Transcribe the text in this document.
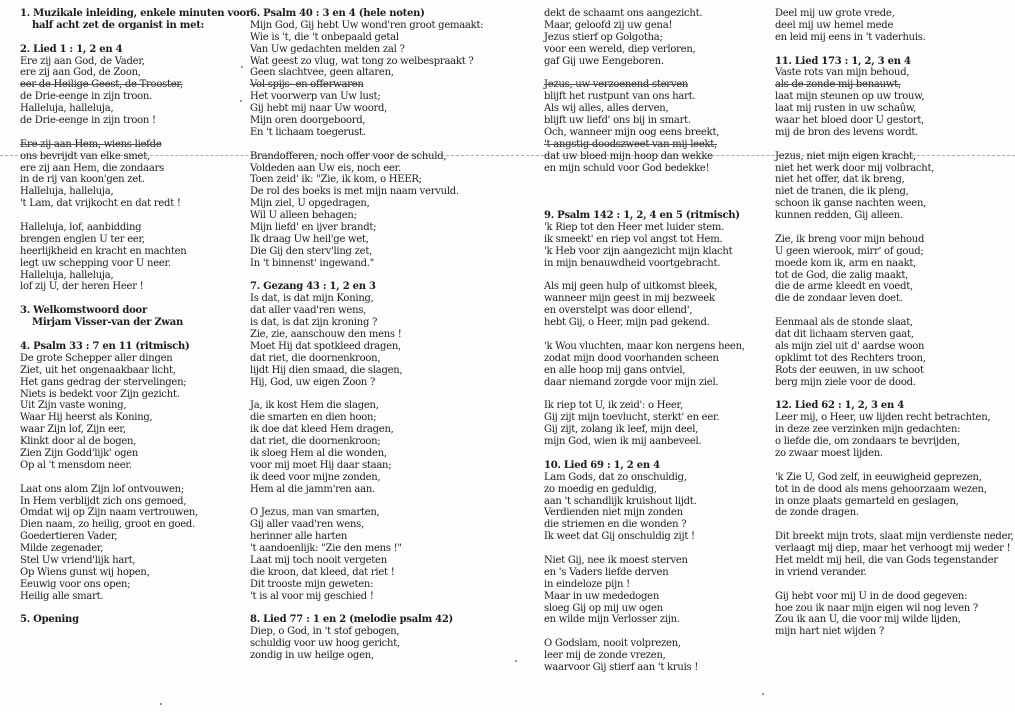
1. Muzikale inleiding, enkele minuten voor
half acht zet de organist in met:
2. Lied 1 : 1, 2 en 4
Ere zij aan God, de Vader,
ere zij aan God, de Zoon,
eer de Heilige Geest, de Trooster,
de Drie-eenge in zijn troon.
Halleluja, halleluja,
de Drie-eenge in zijn troon !
Ere zij aan Hem, wiens liefde
ons bevrijdt van elke smet,
ere zij aan Hem, die zondaars
in de rij van koon'gen zet.
Halleluja, halleluja,
't Lam, dat vrijkocht en dat redt !
Halleluja, lof, aanbidding
brengen englen U ter eer,
heerlijkheid en kracht en machten
legt uw schepping voor U neer.
Halleluja, halleluja,
lof zij U, der heren Heer !
3. Welkomstwoord door
Mirjam Visser-van der Zwan
4. Psalm 33 : 7 en 11 (ritmisch)
De grote Schepper aller dingen
Ziet, uit het ongenaakbaar licht,
Het gans gedrag der stervelingen;
Niets is bedekt voor Zijn gezicht.
Uit Zijn vaste woning,
Waar Hij heerst als Koning,
waar Zijn lof, Zijn eer,
Klinkt door al de bogen,
Zien Zijn Godd'lijk' ogen
Op al 't mensdom neer.
Laat ons alom Zijn lof ontvouwen;
In Hem verblijdt zich ons gemoed,
Omdat wij op Zijn naam vertrouwen,
Dien naam, zo heilig, groot en goed.
Goedertieren Vader,
Milde zegenader,
Stel Uw vriend'lijk hart,
Op Wiens gunst wij hopen,
Eeuwig voor ons open;
Heilig alle smart.
5. Opening
6. Psalm 40 : 3 en 4 (hele noten)
Mijn God, Gij hebt Uw wond'ren groot gemaakt:
Wie is 't, die 't onbepaald getal
Van Uw gedachten melden zal ?
Wat geest zo vlug, wat tong zo welbespraakt ?
Geen slachtvee, geen altaren,
Vol spijs- en offerwaren
Het voorwerp van Uw lust;
Gij hebt mij naar Uw woord,
Mijn oren doorgeboord,
En 't lichaam toegerust.
Brandofferen, noch offer voor de schuld,
Voldeden aan Uw eis, noch eer.
Toen zeid' ik: "Zie, ik kom, o HEER;
De rol des boeks is met mijn naam vervuld.
Mijn ziel, U opgedragen,
Wil U alleen behagen;
Mijn liefd' en ijver brandt;
Ik draag Uw heil'ge wet,
Die Gij den sterv'ling zet,
In 't binnenst' ingewand."
7. Gezang 43 : 1, 2 en 3
Is dat, is dat mijn Koning,
dat aller vaad'ren wens,
is dat, is dat zijn kroning ?
Zie, zie, aanschouw den mens !
Moet Hij dat spotkleed dragen,
dat riet, die doornenkroon,
lijdt Hij dien smaad, die slagen,
Hij, God, uw eigen Zoon ?
Ja, ik kost Hem die slagen,
die smarten en dien hoon;
ik doe dat kleed Hem dragen,
dat riet, die doornenkroon;
ik sloeg Hem al die wonden,
voor mij moet Hij daar staan;
ik deed voor mijne zonden,
Hem al die jamm'ren aan.
O Jezus, man van smarten,
Gij aller vaad'ren wens,
herinner alle harten
't aandoenlijk: "Zie den mens !"
Laat mij toch nooit vergeten
die kroon, dat kleed, dat riet !
Dit trooste mijn geweten:
't is al voor mij geschied !
8. Lied 77 : 1 en 2 (melodie psalm 42)
Diep, o God, in 't stof gebogen,
schuldig voor uw hoog gericht,
zondig in uw heilge ogen,
dekt de schaamt ons aangezicht.
Maar, geloofd zij uw gena!
Jezus stierf op Golgotha;
voor een wereld, diep verloren,
gaf Gij uwe Eengeboren.
Jezus, uw verzoenend sterven
blijft het rustpunt van ons hart.
Als wij alles, alles derven,
blijft uw liefd' ons bij in smart.
Och, wanneer mijn oog eens breekt,
't angstig doodszweet van mij leekt,
dat uw bloed mijn hoop dan wekke
en mijn schuld voor God bedekke!
9. Psalm 142 : 1, 2, 4 en 5 (ritmisch)
'k Riep tot den Heer met luider stem.
ik smeekt' en riep vol angst tot Hem.
'k Heb voor zijn aangezicht mijn klacht
in mijn benauwdheid voortgebracht.
Als mij geen hulp of uitkomst bleek,
wanneer mijn geest in mij bezweek
en overstelpt was door ellend',
hebt Gij, o Heer, mijn pad gekend.
'k Wou vluchten, maar kon nergens heen,
zodat mijn dood voorhanden scheen
en alle hoop mij gans ontviel,
daar niemand zorgde voor mijn ziel.
Ik riep tot U, ik zeid': o Heer,
Gij zijt mijn toevlucht, sterkt' en eer.
Gij zijt, zolang ik leef, mijn deel,
mijn God, wien ik mij aanbeveel.
10. Lied 69 : 1, 2 en 4
Lam Gods, dat zo onschuldig,
zo moedig en geduldig,
aan 't schandlijk kruishout lijdt.
Verdienden niet mijn zonden
die striemen en die wonden ?
Ik weet dat Gij onschuldig zijt !
Niet Gij, nee ik moest sterven
en 's Vaders liefde derven
in eindeloze pijn !
Maar in uw mededogen
sloeg Gij op mij uw ogen
en wilde mijn Verlosser zijn.
O Godslam, nooit volprezen,
leer mij de zonde vrezen,
waarvoor Gij stierf aan 't kruis !
Deel mij uw grote vrede,
deel mij uw hemel mede
en leid mij eens in 't vaderhuis.
11. Lied 173 : 1, 2, 3 en 4
Vaste rots van mijn behoud,
als de zonde mij benauwt,
laat mijn steunen op uw trouw,
laat mij rusten in uw schaûw,
waar het bloed door U gestort,
mij de bron des levens wordt.
Jezus, niet mijn eigen kracht,
niet het werk door mij volbracht,
niet het offer, dat ik breng,
niet de tranen, die ik pleng,
schoon ik ganse nachten ween,
kunnen redden, Gij alleen.
Zie, ik breng voor mijn behoud
U geen wierook, mirr' of goud;
moede kom ik, arm en naakt,
tot de God, die zalig maakt,
die de arme kleedt en voedt,
die de zondaar leven doet.
Eenmaal als de stonde slaat,
dat dit lichaam sterven gaat,
als mijn ziel uit d' aardse woon
opklimt tot des Rechters troon,
Rots der eeuwen, in uw schoot
berg mijn ziele voor de dood.
12. Lied 62 : 1, 2, 3 en 4
Leer mij, o Heer, uw lijden recht betrachten,
in deze zee verzinken mijn gedachten:
o liefde die, om zondaars te bevrijden,
zo zwaar moest lijden.
'k Zie U, God zelf, in eeuwigheid geprezen,
tot in de dood als mens gehoorzaam wezen,
in onze plaats gemarteld en geslagen,
de zonde dragen.
Dit breekt mijn trots, slaat mijn verdienste neder,
verlaagt mij diep, maar het verhoogt mij weder !
Het meldt mij heil, die van Gods tegenstander
in vriend verander.
Gij hebt voor mij U in de dood gegeven:
hoe zou ik naar mijn eigen wil nog leven ?
Zou ik aan U, die voor mij wilde lijden,
mijn hart niet wijden ?
